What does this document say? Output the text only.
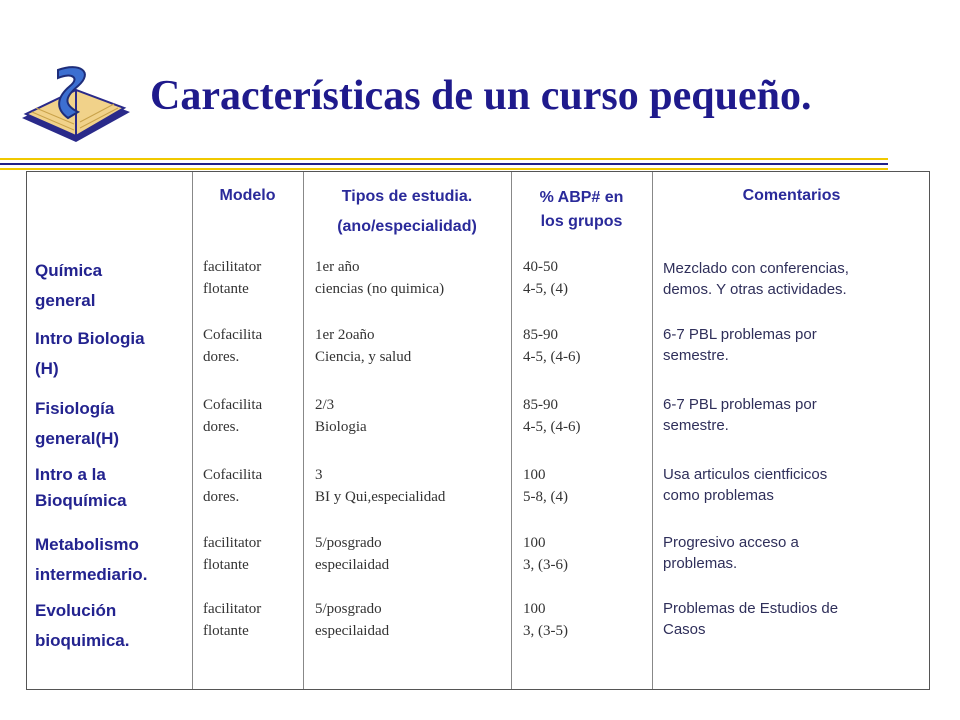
Características de un curso pequeño.
Modelo	Tipos de estudia.
(ano/especialidad)
% ABP# en
los grupos
Comentarios
Química
general
facilitator
flotante
1er año
ciencias (no quimica)
40-50
4-5, (4)
Mezclado con conferencias,
demos. Y otras actividades.
Intro Biologia
(H)
Cofacilita
dores.
1er 2oaño
Ciencia, y salud
85-90
4-5, (4-6)
6-7 PBL problemas por
semestre.
Fisiología
general(H)
Cofacilita
dores.
2/3
Biologia
85-90
4-5, (4-6)
6-7 PBL problemas por
semestre.
Intro a la
Bioquímica
Cofacilita
dores.
3
BI y Qui,especialidad
100
5-8, (4)
Usa articulos cientficicos
como problemas
Metabolismo
intermediario.
facilitator
flotante
5/posgrado
especilaidad
100
3, (3-6)
Progresivo acceso a
problemas.
Evolución
bioquimica.
facilitator
flotante
5/posgrado
especilaidad
100
3, (3-5)
Problemas de Estudios de
Casos
